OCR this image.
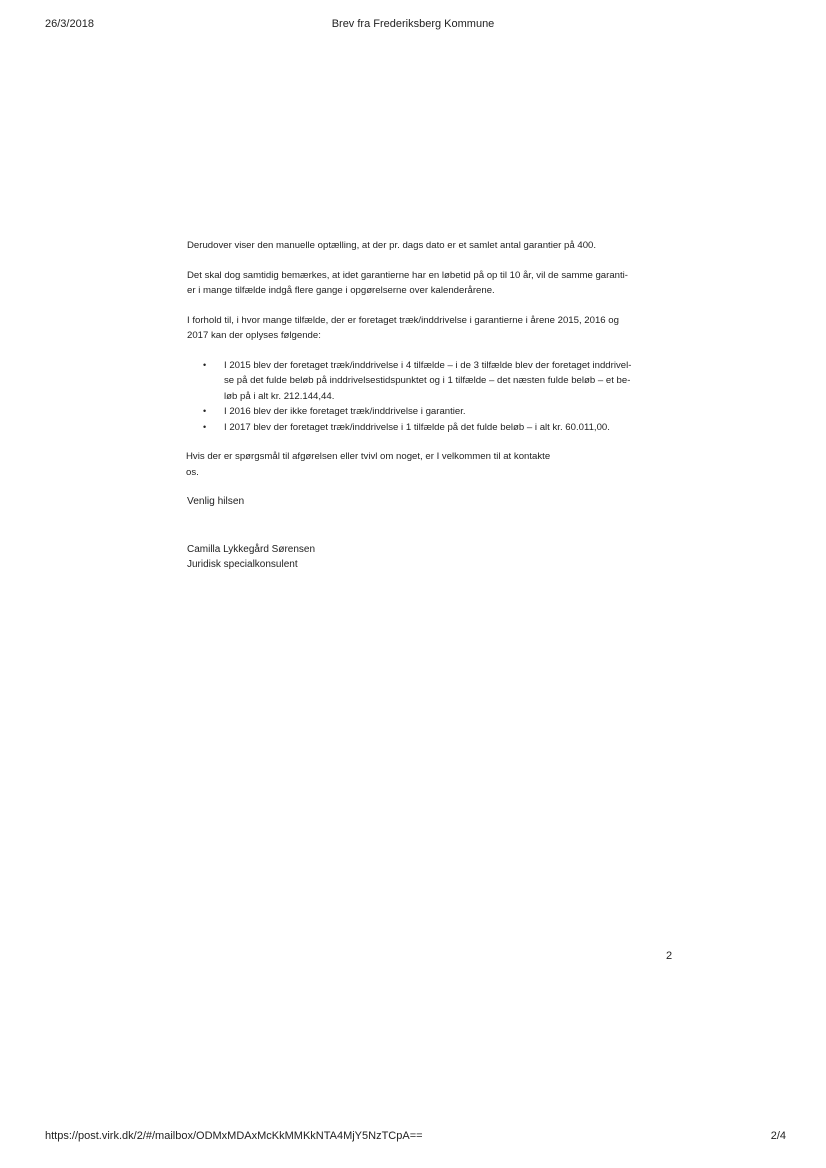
26/3/2018	Brev fra Frederiksberg Kommune

Derudover viser den manuelle optælling, at der pr. dags dato er et samlet antal garantier på 400.

Det skal dog samtidig bemærkes, at idet garantierne har en løbetid på op til 10 år, vil de samme garanti-
er i mange tilfælde indgå flere gange i opgørelserne over kalenderårene.

I forhold til, i hvor mange tilfælde, der er foretaget træk/inddrivelse i garantierne i årene 2015, 2016 og
2017 kan der oplyses følgende:

• I 2015 blev der foretaget træk/inddrivelse i 4 tilfælde – i de 3 tilfælde blev der foretaget inddrivel-
se på det fulde beløb på inddrivelsestidspunktet og i 1 tilfælde – det næsten fulde beløb – et be-
løb på i alt kr. 212.144,44.
• I 2016 blev der ikke foretaget træk/inddrivelse i garantier.
• I 2017 blev der foretaget træk/inddrivelse i 1 tilfælde på det fulde beløb – i alt kr. 60.011,00.

Hvis der er spørgsmål til afgørelsen eller tvivl om noget, er I velkommen til at kontakte
os.

Venlig hilsen

Camilla Lykkegård Sørensen
Juridisk specialkonsulent
2
https://post.virk.dk/2/#/mailbox/ODMxMDAxMcKkMMKkNTA4MjY5NzTCpA==	2/4
